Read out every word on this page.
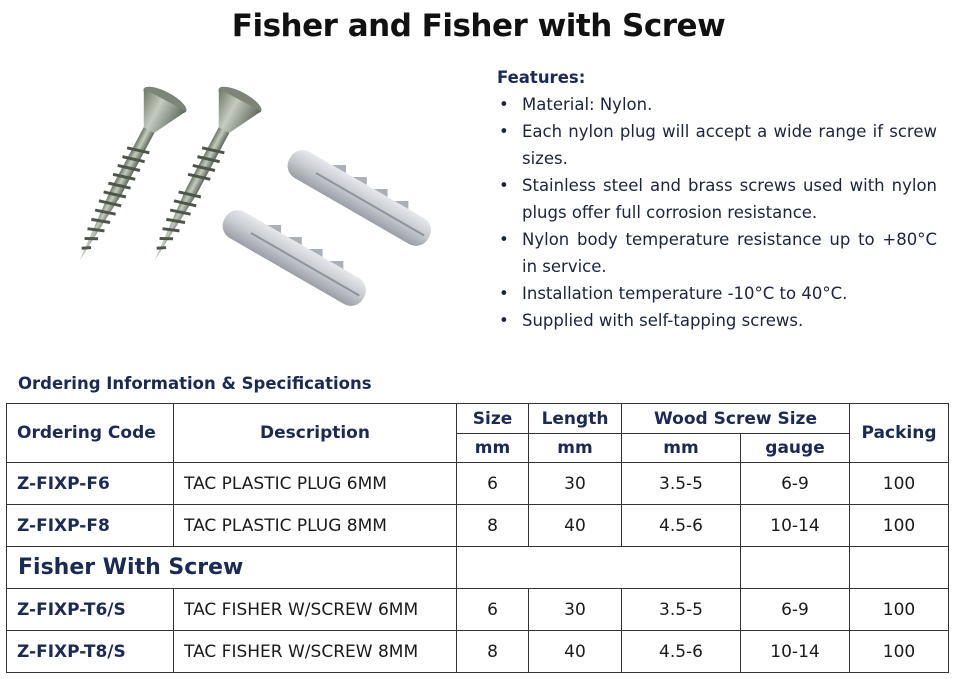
Fisher and Fisher with Screw
Features:
• Material: Nylon.
• Each nylon plug will accept a wide range if screw sizes.
• Stainless steel and brass screws used with nylon plugs offer full corrosion resistance.
• Nylon body temperature resistance up to +80°C in service.
• Installation temperature -10°C to 40°C.
• Supplied with self-tapping screws.
Ordering Information & Specifications
Ordering Code	Description	Size	Length	Wood Screw Size		Packing
		mm	mm	mm	gauge	
Z-FIXP-F6	TAC PLASTIC PLUG 6MM	6	30	3.5-5	6-9	100
Z-FIXP-F8	TAC PLASTIC PLUG 8MM	8	40	4.5-6	10-14	100
Fisher With Screw						
Z-FIXP-T6/S	TAC FISHER W/SCREW 6MM	6	30	3.5-5	6-9	100
Z-FIXP-T8/S	TAC FISHER W/SCREW 8MM	8	40	4.5-6	10-14	100
